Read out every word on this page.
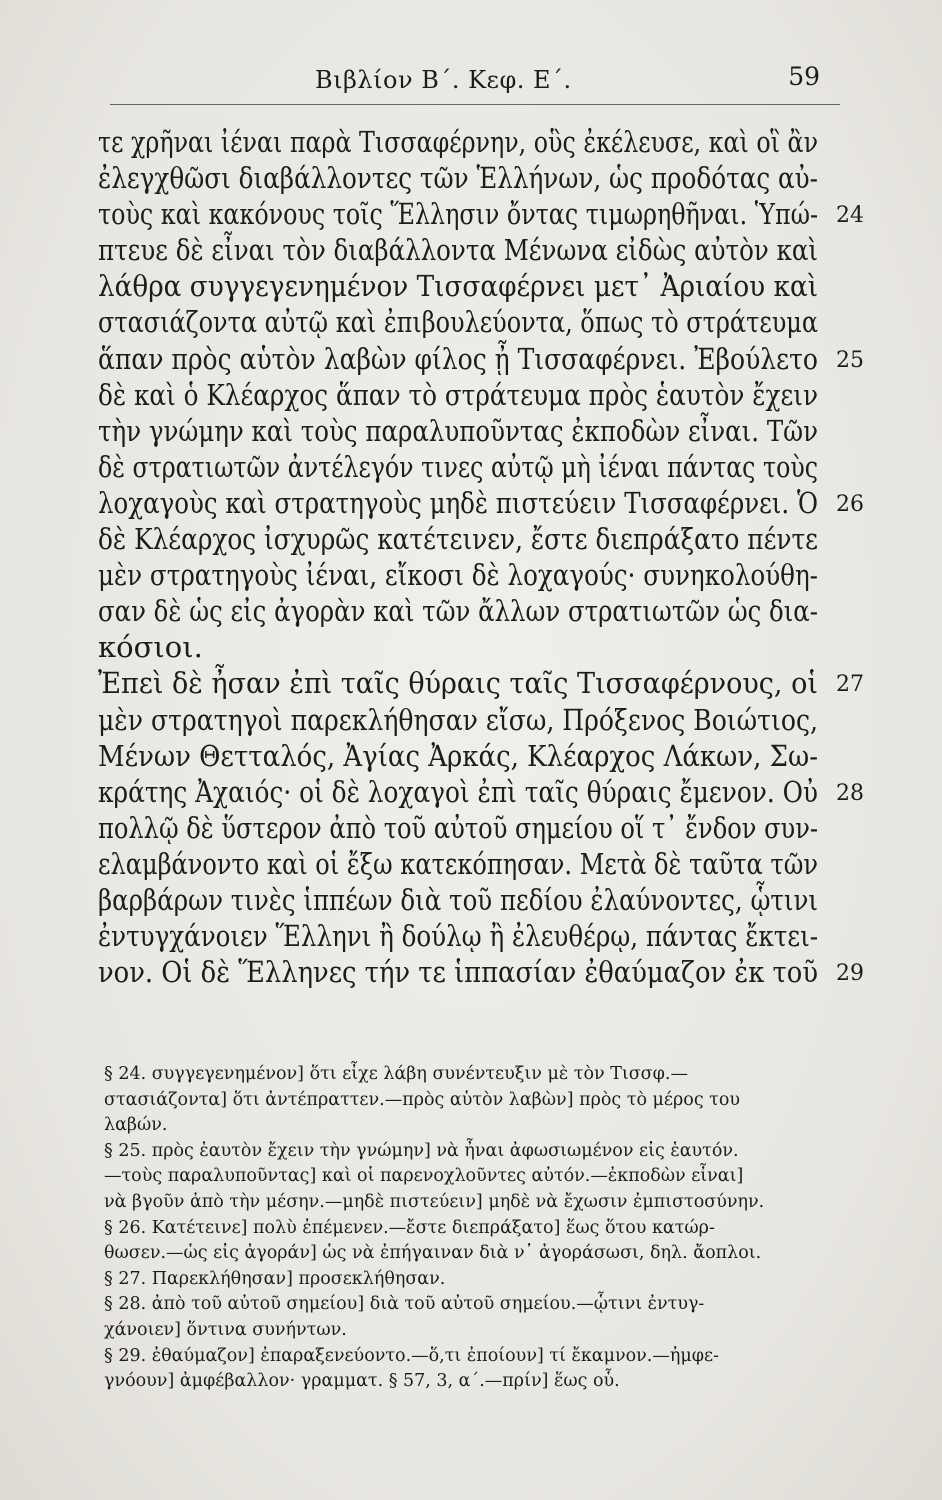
Βιβλίον Β΄. Κεφ. Ε΄.	59
τε χρῆναι ἰέναι παρὰ Τισσαφέρνην, οὓς ἐκέλευσε, καὶ οἳ ἂν
ἐλεγχθῶσι διαβάλλοντες τῶν Ἑλλήνων, ὡς προδότας αὐ-
τοὺς καὶ κακόνους τοῖς Ἕλλησιν ὄντας τιμωρηθῆναι. Ὑπώ- 24
πτευε δὲ εἶναι τὸν διαβάλλοντα Μένωνα εἰδὼς αὐτὸν καὶ
λάθρα συγγεγενημένον Τισσαφέρνει μετ᾽ Ἀριαίου καὶ
στασιάζοντα αὐτῷ καὶ ἐπιβουλεύοντα, ὅπως τὸ στράτευμα
ἅπαν πρὸς αὑτὸν λαβὼν φίλος ᾖ Τισσαφέρνει. Ἐβούλετο 25
δὲ καὶ ὁ Κλέαρχος ἅπαν τὸ στράτευμα πρὸς ἑαυτὸν ἔχειν
τὴν γνώμην καὶ τοὺς παραλυποῦντας ἐκποδὼν εἶναι. Τῶν
δὲ στρατιωτῶν ἀντέλεγόν τινες αὐτῷ μὴ ἰέναι πάντας τοὺς
λοχαγοὺς καὶ στρατηγοὺς μηδὲ πιστεύειν Τισσαφέρνει. Ὁ 26
δὲ Κλέαρχος ἰσχυρῶς κατέτεινεν, ἔστε διεπράξατο πέντε
μὲν στρατηγοὺς ἰέναι, εἴκοσι δὲ λοχαγούς· συνηκολούθη-
σαν δὲ ὡς εἰς ἀγορὰν καὶ τῶν ἄλλων στρατιωτῶν ὡς δια-
κόσιοι.
Ἐπεὶ δὲ ἦσαν ἐπὶ ταῖς θύραις ταῖς Τισσαφέρνους, οἱ 27
μὲν στρατηγοὶ παρεκλήθησαν εἴσω, Πρόξενος Βοιώτιος,
Μένων Θετταλός, Ἀγίας Ἀρκάς, Κλέαρχος Λάκων, Σω-
κράτης Ἀχαιός· οἱ δὲ λοχαγοὶ ἐπὶ ταῖς θύραις ἔμενον. Οὐ 28
πολλῷ δὲ ὕστερον ἀπὸ τοῦ αὐτοῦ σημείου οἵ τ᾽ ἔνδον συν-
ελαμβάνοντο καὶ οἱ ἔξω κατεκόπησαν. Μετὰ δὲ ταῦτα τῶν
βαρβάρων τινὲς ἱππέων διὰ τοῦ πεδίου ἐλαύνοντες, ᾧτινι
ἐντυγχάνοιεν Ἕλληνι ἢ δούλῳ ἢ ἐλευθέρῳ, πάντας ἔκτει-
νον. Οἱ δὲ Ἕλληνες τήν τε ἱππασίαν ἐθαύμαζον ἐκ τοῦ 29
§ 24. συγγεγενημένον] ὅτι εἶχε λάβη συνέντευξιν μὲ τὸν Τισσφ.—
στασιάζοντα] ὅτι ἀντέπραττεν.—πρὸς αὑτὸν λαβὼν] πρὸς τὸ μέρος του
λαβών.
§ 25. πρὸς ἑαυτὸν ἔχειν τὴν γνώμην] νὰ ἦναι ἀφωσιωμένον εἰς ἑαυτόν.
—τοὺς παραλυποῦντας] καὶ οἱ παρενοχλοῦντες αὐτόν.—ἐκποδὼν εἶναι]
νὰ βγοῦν ἀπὸ τὴν μέσην.—μηδὲ πιστεύειν] μηδὲ νὰ ἔχωσιν ἐμπιστοσύνην.
§ 26. Κατέτεινε] πολὺ ἐπέμενεν.—ἔστε διεπράξατο] ἕως ὅτου κατώρ-
θωσεν.—ὡς εἰς ἀγοράν] ὡς νὰ ἐπήγαιναν διὰ ν᾽ ἀγοράσωσι, δηλ. ἄοπλοι.
§ 27. Παρεκλήθησαν] προσεκλήθησαν.
§ 28. ἀπὸ τοῦ αὐτοῦ σημείου] διὰ τοῦ αὐτοῦ σημείου.—ᾧτινι ἐντυγ-
χάνοιεν] ὅντινα συνήντων.
§ 29. ἐθαύμαζον] ἐπαραξενεύοντο.—ὅ,τι ἐποίουν] τί ἔκαμνον.—ἠμφε-
γνόουν] ἀμφέβαλλον· γραμματ. § 57, 3, α΄.—πρίν] ἕως οὗ.
